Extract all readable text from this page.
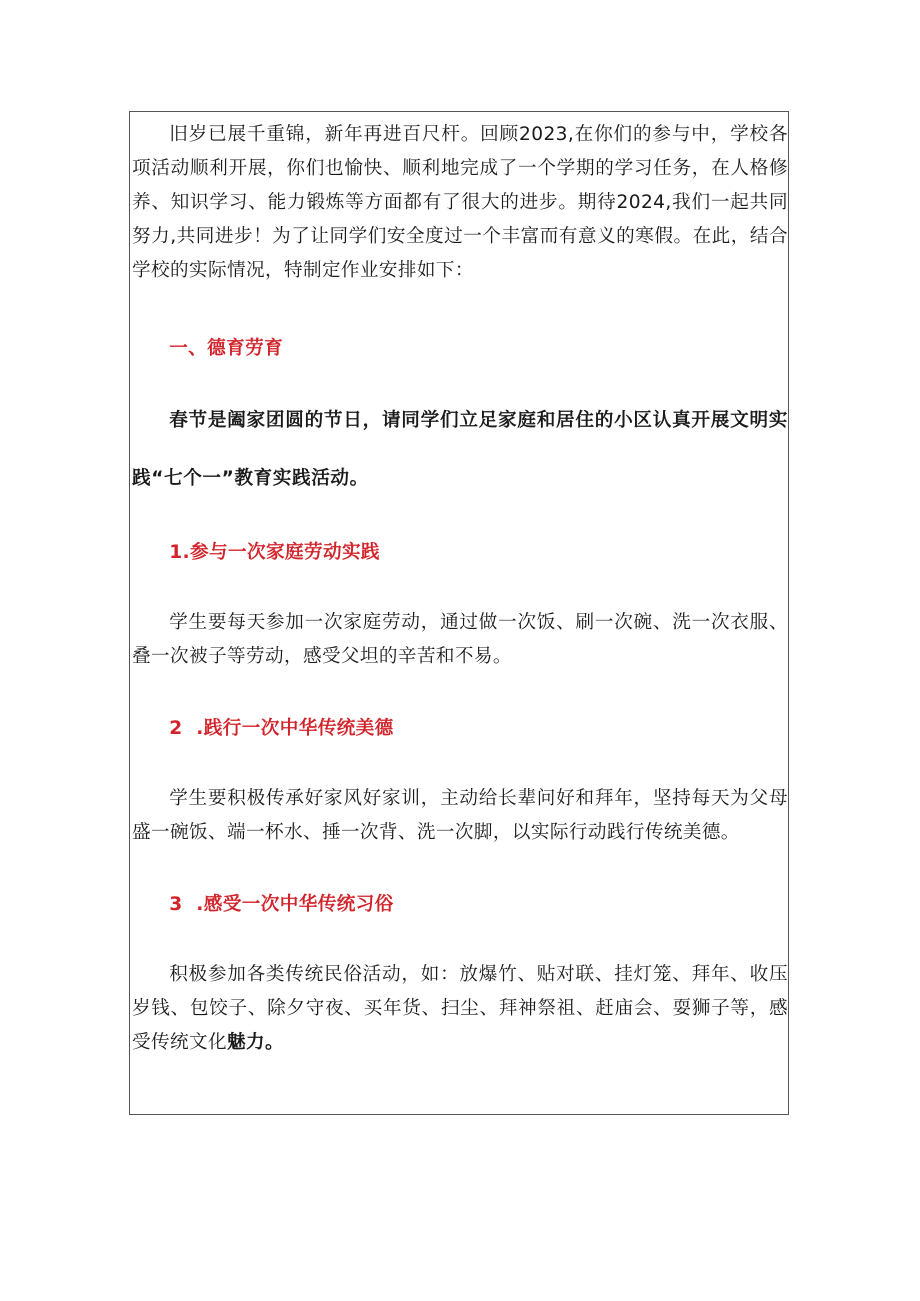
旧岁已展千重锦，新年再进百尺杆。回顾2023,在你们的参与中，学校各项活动顺利开展，你们也愉快、顺利地完成了一个学期的学习任务，在人格修养、知识学习、能力锻炼等方面都有了很大的进步。期待2024,我们一起共同努力,共同进步！为了让同学们安全度过一个丰富而有意义的寒假。在此，结合学校的实际情况，特制定作业安排如下：

一、德育劳育

春节是阖家团圆的节日，请同学们立足家庭和居住的小区认真开展文明实践“七个一”教育实践活动。

1.参与一次家庭劳动实践

学生要每天参加一次家庭劳动，通过做一次饭、刷一次碗、洗一次衣服、叠一次被子等劳动，感受父坦的辛苦和不易。

2  .践行一次中华传统美德

学生要积极传承好家风好家训，主动给长辈问好和拜年，坚持每天为父母盛一碗饭、端一杯水、捶一次背、洗一次脚，以实际行动践行传统美德。

3  .感受一次中华传统习俗

积极参加各类传统民俗活动，如：放爆竹、贴对联、挂灯笼、拜年、收压岁钱、包饺子、除夕守夜、买年货、扫尘、拜神祭祖、赶庙会、耍狮子等，感受传统文化魅力。
